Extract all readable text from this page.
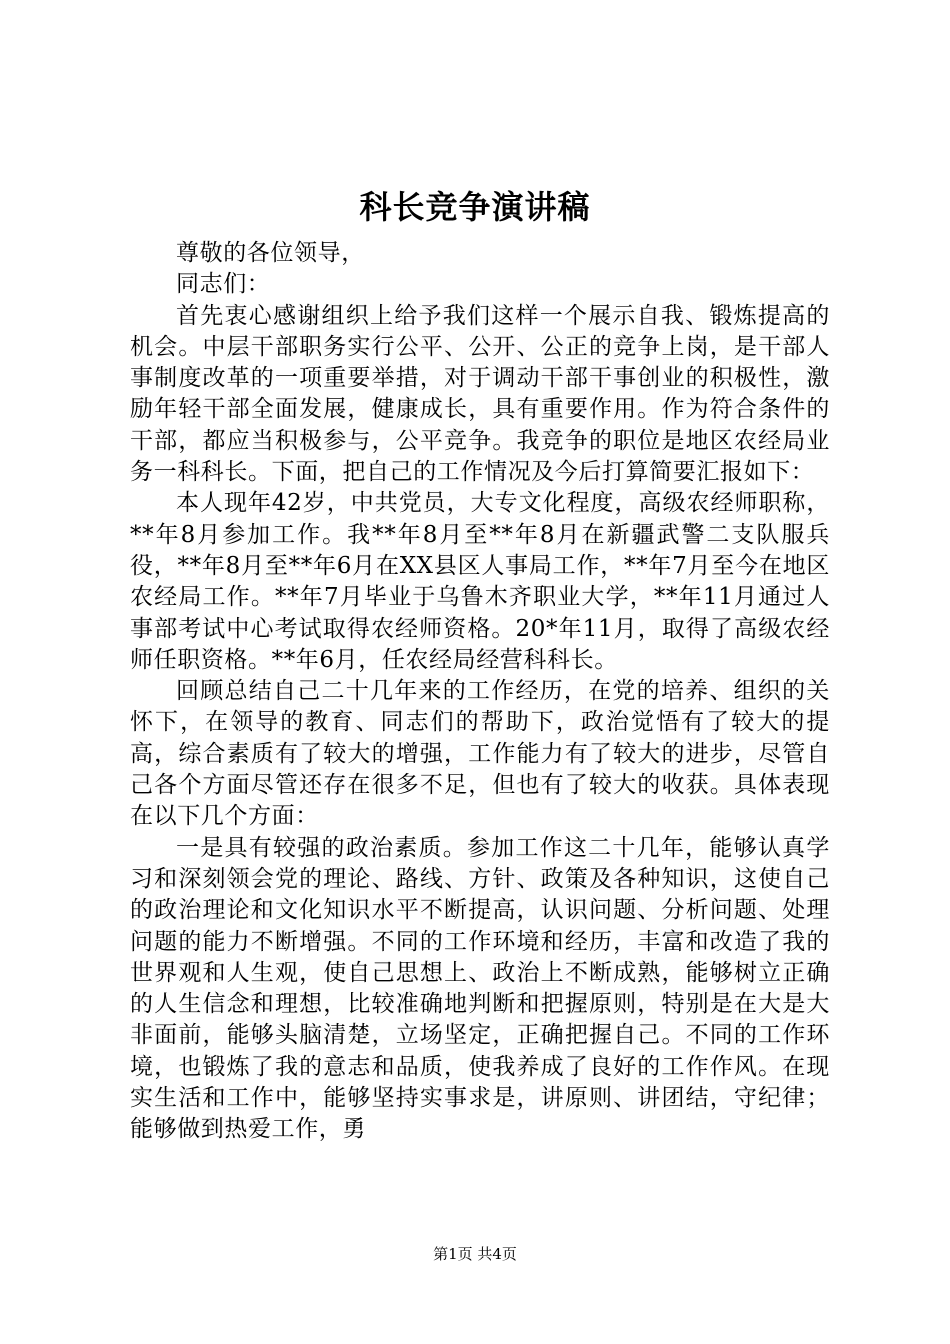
科长竞争演讲稿

尊敬的各位领导，

同志们：

首先衷心感谢组织上给予我们这样一个展示自我、锻炼提高的机会。中层干部职务实行公平、公开、公正的竞争上岗，是干部人事制度改革的一项重要举措，对于调动干部干事创业的积极性，激励年轻干部全面发展，健康成长，具有重要作用。作为符合条件的干部，都应当积极参与，公平竞争。我竞争的职位是地区农经局业务一科科长。下面，把自己的工作情况及今后打算简要汇报如下：

本人现年42岁，中共党员，大专文化程度，高级农经师职称，**年8月参加工作。我**年8月至**年8月在新疆武警二支队服兵役，**年8月至**年6月在XX县区人事局工作，**年7月至今在地区农经局工作。**年7月毕业于乌鲁木齐职业大学，**年11月通过人事部考试中心考试取得农经师资格。20*年11月，取得了高级农经师任职资格。**年6月，任农经局经营科科长。

回顾总结自己二十几年来的工作经历，在党的培养、组织的关怀下，在领导的教育、同志们的帮助下，政治觉悟有了较大的提高，综合素质有了较大的增强，工作能力有了较大的进步，尽管自己各个方面尽管还存在很多不足，但也有了较大的收获。具体表现在以下几个方面：

一是具有较强的政治素质。参加工作这二十几年，能够认真学习和深刻领会党的理论、路线、方针、政策及各种知识，这使自己的政治理论和文化知识水平不断提高，认识问题、分析问题、处理问题的能力不断增强。不同的工作环境和经历，丰富和改造了我的世界观和人生观，使自己思想上、政治上不断成熟，能够树立正确的人生信念和理想，比较准确地判断和把握原则，特别是在大是大非面前，能够头脑清楚，立场坚定，正确把握自己。不同的工作环境，也锻炼了我的意志和品质，使我养成了良好的工作作风。在现实生活和工作中，能够坚持实事求是，讲原则、讲团结，守纪律；能够做到热爱工作，勇

第1页 共4页
